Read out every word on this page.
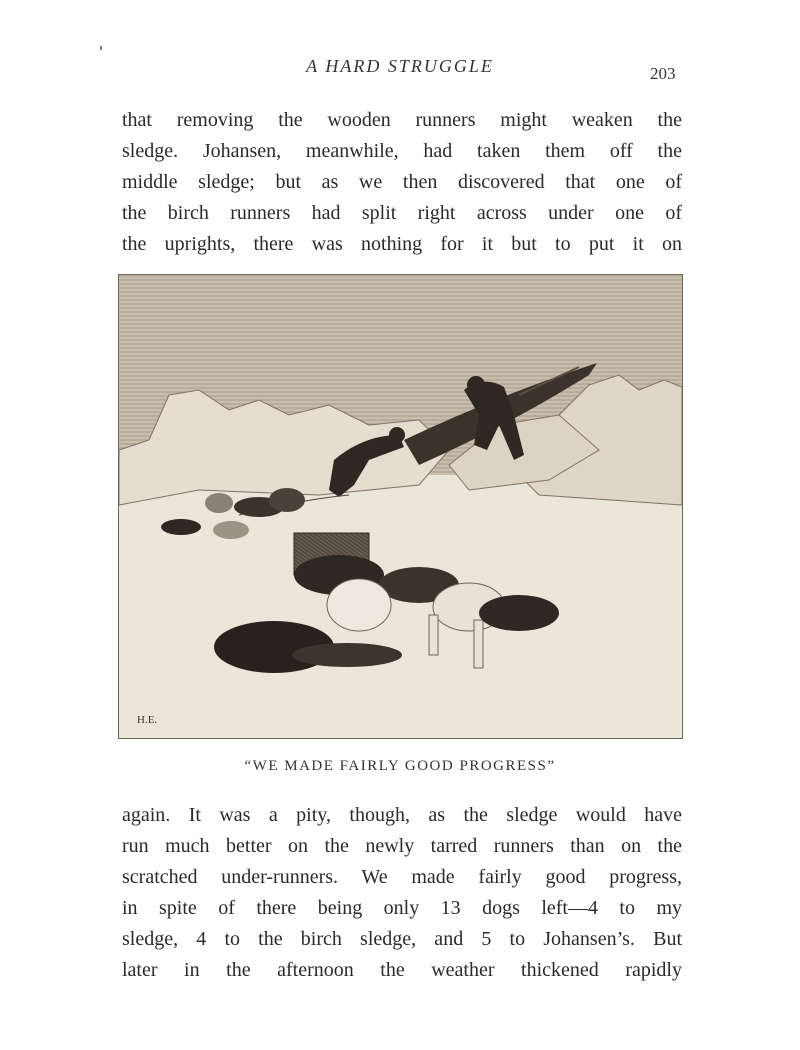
A HARD STRUGGLE	203
that removing the wooden runners might weaken the
sledge. Johansen, meanwhile, had taken them off the
middle sledge; but as we then discovered that one of
the birch runners had split right across under one of
the uprights, there was nothing for it but to put it on
H.E.
“WE MADE FAIRLY GOOD PROGRESS”
again. It was a pity, though, as the sledge would have
run much better on the newly tarred runners than on the
scratched under-runners. We made fairly good progress,
in spite of there being only 13 dogs left—4 to my
sledge, 4 to the birch sledge, and 5 to Johansen’s. But
later in the afternoon the weather thickened rapidly
